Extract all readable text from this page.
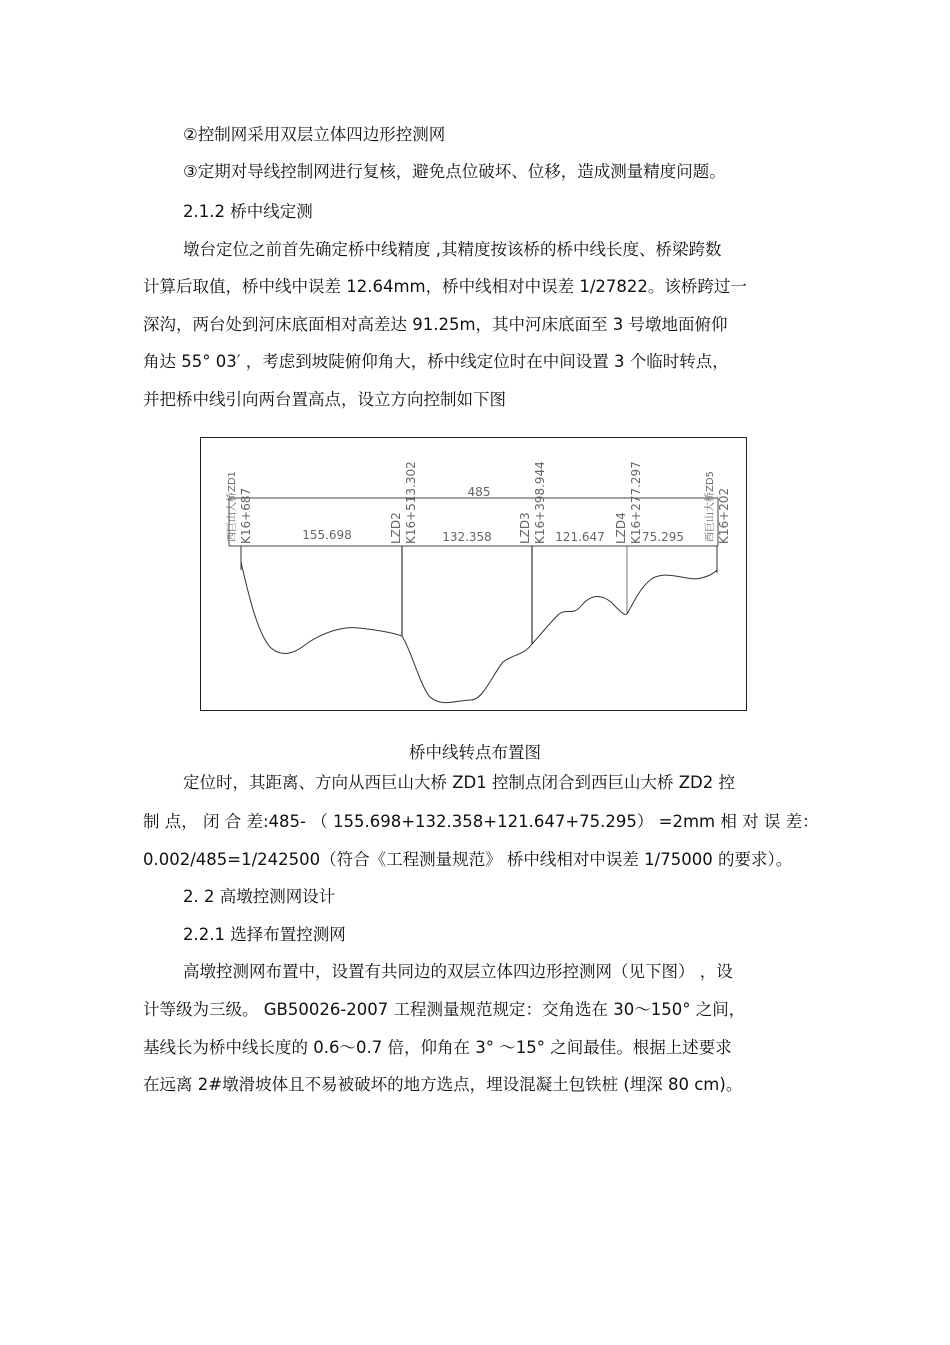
②控制网采用双层立体四边形控测网
③定期对导线控制网进行复核，避免点位破坏、位移，造成测量精度问题。
2.1.2 桥中线定测
墩台定位之前首先确定桥中线精度 ,其精度按该桥的桥中线长度、桥梁跨数
计算后取值，桥中线中误差 12.64mm，桥中线相对中误差 1/27822。该桥跨过一
深沟，两台处到河床底面相对高差达 91.25m，其中河床底面至 3 号墩地面俯仰
角达 55° 03′ ，考虑到坡陡俯仰角大，桥中线定位时在中间设置 3 个临时转点，
并把桥中线引向两台置高点，设立方向控制如下图
485
155.698	132.358	121.647	75.295
西巨山大桥ZD1 K16+687	LZD2 K16+513.302	LZD3 K16+398.944	LZD4 K16+277.297	西巨山大桥ZD5 K16+202
桥中线转点布置图
定位时，其距离、方向从西巨山大桥 ZD1 控制点闭合到西巨山大桥 ZD2 控
制 点， 闭 合 差:485- （ 155.698+132.358+121.647+75.295） =2mm 相 对 误 差：
0.002/485=1/242500（符合《工程测量规范》 桥中线相对中误差 1/75000 的要求）。
2. 2 高墩控测网设计
2.2.1 选择布置控测网
高墩控测网布置中，设置有共同边的双层立体四边形控测网（见下图） ，设
计等级为三级。 GB50026-2007 工程测量规范规定：交角选在 30～150° 之间，
基线长为桥中线长度的 0.6～0.7 倍，仰角在 3° ～15° 之间最佳。根据上述要求
在远离 2#墩滑坡体且不易被破坏的地方选点，埋设混凝土包铁桩 (埋深 80 cm)。
